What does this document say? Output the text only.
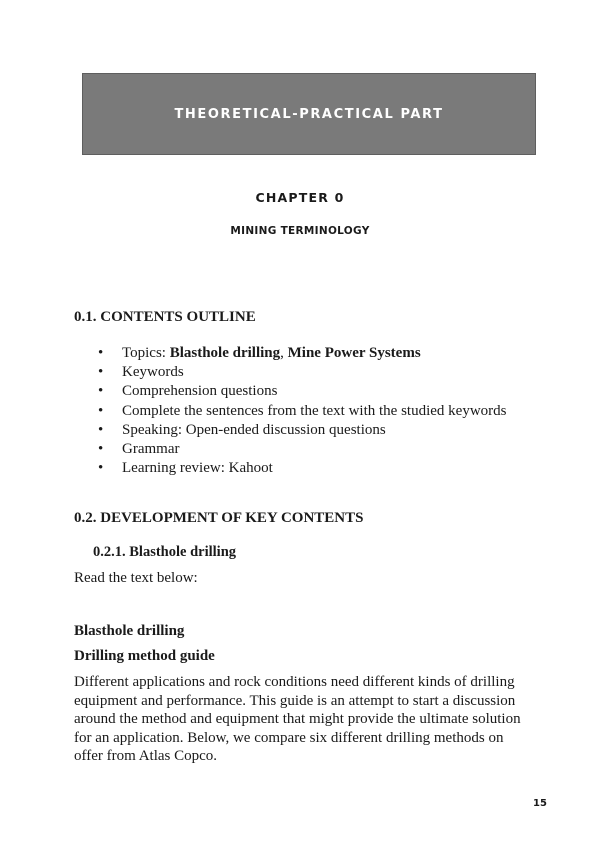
THEORETICAL-PRACTICAL PART
CHAPTER 0
MINING TERMINOLOGY
0.1. CONTENTS OUTLINE
• Topics: Blasthole drilling, Mine Power Systems
• Keywords
• Comprehension questions
• Complete the sentences from the text with the studied keywords
• Speaking: Open-ended discussion questions
• Grammar
• Learning review: Kahoot
0.2. DEVELOPMENT OF KEY CONTENTS
0.2.1. Blasthole drilling
Read the text below:
Blasthole drilling
Drilling method guide
Different applications and rock conditions need different kinds of drilling
equipment and performance. This guide is an attempt to start a discussion
around the method and equipment that might provide the ultimate solution
for an application. Below, we compare six different drilling methods on
offer from Atlas Copco.
15
